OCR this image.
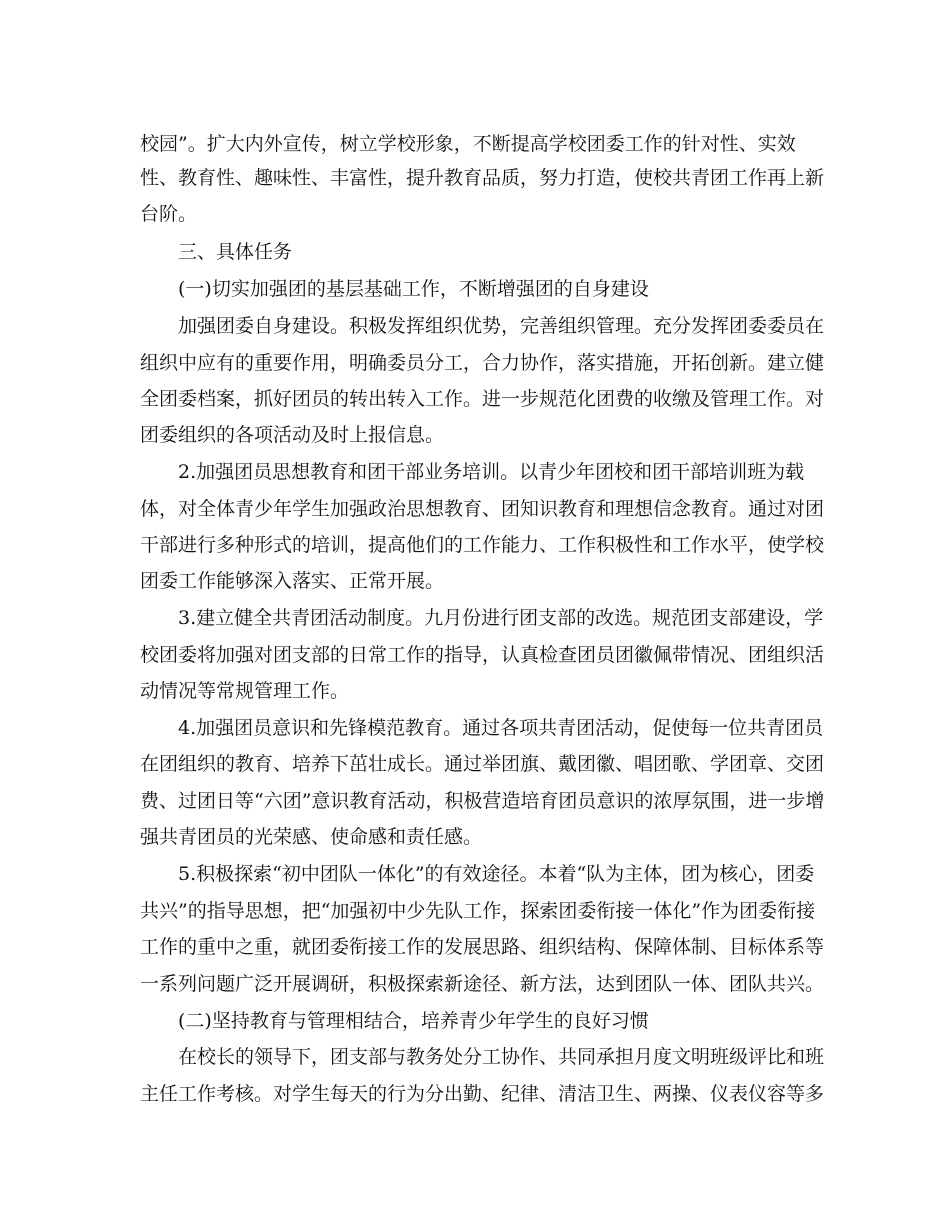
校园”。扩大内外宣传，树立学校形象，不断提高学校团委工作的针对性、实效
性、教育性、趣味性、丰富性，提升教育品质，努力打造，使校共青团工作再上新
台阶。
三、具体任务
(一)切实加强团的基层基础工作，不断增强团的自身建设
加强团委自身建设。积极发挥组织优势，完善组织管理。充分发挥团委委员在
组织中应有的重要作用，明确委员分工，合力协作，落实措施，开拓创新。建立健
全团委档案，抓好团员的转出转入工作。进一步规范化团费的收缴及管理工作。对
团委组织的各项活动及时上报信息。
2.加强团员思想教育和团干部业务培训。以青少年团校和团干部培训班为载
体，对全体青少年学生加强政治思想教育、团知识教育和理想信念教育。通过对团
干部进行多种形式的培训，提高他们的工作能力、工作积极性和工作水平，使学校
团委工作能够深入落实、正常开展。
3.建立健全共青团活动制度。九月份进行团支部的改选。规范团支部建设，学
校团委将加强对团支部的日常工作的指导，认真检查团员团徽佩带情况、团组织活
动情况等常规管理工作。
4.加强团员意识和先锋模范教育。通过各项共青团活动，促使每一位共青团员
在团组织的教育、培养下茁壮成长。通过举团旗、戴团徽、唱团歌、学团章、交团
费、过团日等“六团”意识教育活动，积极营造培育团员意识的浓厚氛围，进一步增
强共青团员的光荣感、使命感和责任感。
5.积极探索“初中团队一体化”的有效途径。本着“队为主体，团为核心，团委
共兴”的指导思想，把“加强初中少先队工作，探索团委衔接一体化”作为团委衔接
工作的重中之重，就团委衔接工作的发展思路、组织结构、保障体制、目标体系等
一系列问题广泛开展调研，积极探索新途径、新方法，达到团队一体、团队共兴。
(二)坚持教育与管理相结合，培养青少年学生的良好习惯
在校长的领导下，团支部与教务处分工协作、共同承担月度文明班级评比和班
主任工作考核。对学生每天的行为分出勤、纪律、清洁卫生、两操、仪表仪容等多
